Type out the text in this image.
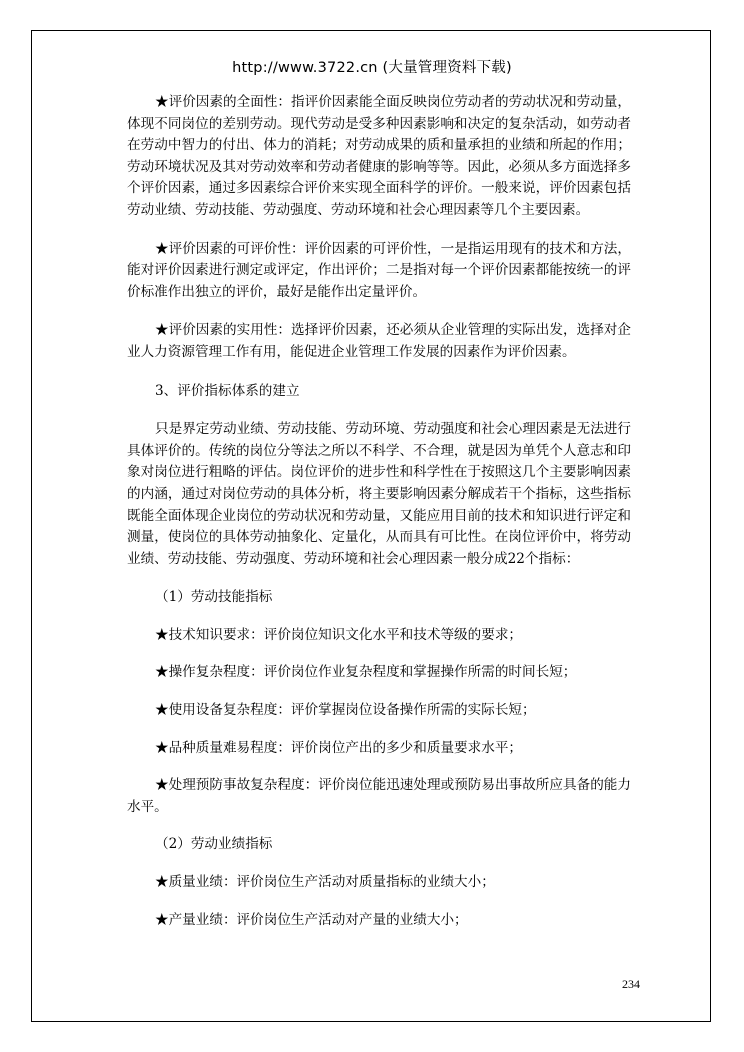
http://www.3722.cn (大量管理资料下载)

★评价因素的全面性：指评价因素能全面反映岗位劳动者的劳动状况和劳动量，体现不同岗位的差别劳动。现代劳动是受多种因素影响和决定的复杂活动，如劳动者在劳动中智力的付出、体力的消耗；对劳动成果的质和量承担的业绩和所起的作用；劳动环境状况及其对劳动效率和劳动者健康的影响等等。因此，必须从多方面选择多个评价因素，通过多因素综合评价来实现全面科学的评价。一般来说，评价因素包括劳动业绩、劳动技能、劳动强度、劳动环境和社会心理因素等几个主要因素。

★评价因素的可评价性：评价因素的可评价性，一是指运用现有的技术和方法，能对评价因素进行测定或评定，作出评价；二是指对每一个评价因素都能按统一的评价标准作出独立的评价，最好是能作出定量评价。

★评价因素的实用性：选择评价因素，还必须从企业管理的实际出发，选择对企业人力资源管理工作有用，能促进企业管理工作发展的因素作为评价因素。

3、评价指标体系的建立

只是界定劳动业绩、劳动技能、劳动环境、劳动强度和社会心理因素是无法进行具体评价的。传统的岗位分等法之所以不科学、不合理，就是因为单凭个人意志和印象对岗位进行粗略的评估。岗位评价的进步性和科学性在于按照这几个主要影响因素的内涵，通过对岗位劳动的具体分析，将主要影响因素分解成若干个指标，这些指标既能全面体现企业岗位的劳动状况和劳动量，又能应用目前的技术和知识进行评定和测量，使岗位的具体劳动抽象化、定量化，从而具有可比性。在岗位评价中，将劳动业绩、劳动技能、劳动强度、劳动环境和社会心理因素一般分成22个指标：

（1）劳动技能指标

★技术知识要求：评价岗位知识文化水平和技术等级的要求；

★操作复杂程度：评价岗位作业复杂程度和掌握操作所需的时间长短；

★使用设备复杂程度：评价掌握岗位设备操作所需的实际长短；

★品种质量难易程度：评价岗位产出的多少和质量要求水平；

★处理预防事故复杂程度：评价岗位能迅速处理或预防易出事故所应具备的能力水平。

（2）劳动业绩指标

★质量业绩：评价岗位生产活动对质量指标的业绩大小；

★产量业绩：评价岗位生产活动对产量的业绩大小；

234
